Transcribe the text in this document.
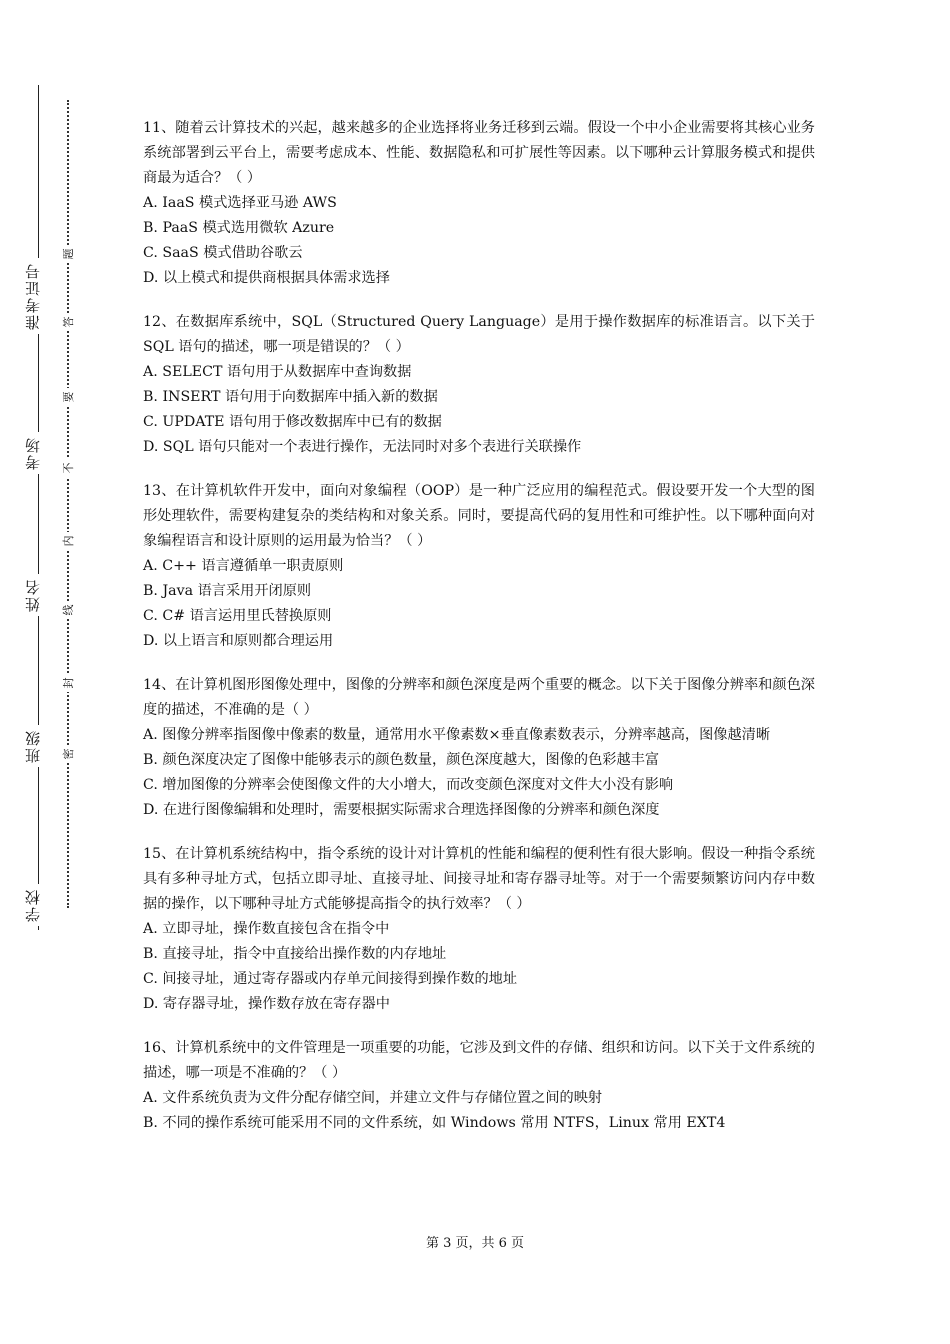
准考证号
考场
姓名
班级
学校
题
答
要
不
内
线
封
密

11、随着云计算技术的兴起，越来越多的企业选择将业务迁移到云端。假设一个中小企业需要将其核心业务系统部署到云平台上，需要考虑成本、性能、数据隐私和可扩展性等因素。以下哪种云计算服务模式和提供商最为适合？（ ）

A. IaaS 模式选择亚马逊 AWS

B. PaaS 模式选用微软 Azure

C. SaaS 模式借助谷歌云

D. 以上模式和提供商根据具体需求选择

12、在数据库系统中，SQL（Structured Query Language）是用于操作数据库的标准语言。以下关于 SQL 语句的描述，哪一项是错误的？（ ）

A. SELECT 语句用于从数据库中查询数据

B. INSERT 语句用于向数据库中插入新的数据

C. UPDATE 语句用于修改数据库中已有的数据

D. SQL 语句只能对一个表进行操作，无法同时对多个表进行关联操作

13、在计算机软件开发中，面向对象编程（OOP）是一种广泛应用的编程范式。假设要开发一个大型的图形处理软件，需要构建复杂的类结构和对象关系。同时，要提高代码的复用性和可维护性。以下哪种面向对象编程语言和设计原则的运用最为恰当？（ ）

A. C++ 语言遵循单一职责原则

B. Java 语言采用开闭原则

C. C# 语言运用里氏替换原则

D. 以上语言和原则都合理运用

14、在计算机图形图像处理中，图像的分辨率和颜色深度是两个重要的概念。以下关于图像分辨率和颜色深度的描述，不准确的是（ ）

A. 图像分辨率指图像中像素的数量，通常用水平像素数×垂直像素数表示，分辨率越高，图像越清晰

B. 颜色深度决定了图像中能够表示的颜色数量，颜色深度越大，图像的色彩越丰富

C. 增加图像的分辨率会使图像文件的大小增大，而改变颜色深度对文件大小没有影响

D. 在进行图像编辑和处理时，需要根据实际需求合理选择图像的分辨率和颜色深度

15、在计算机系统结构中，指令系统的设计对计算机的性能和编程的便利性有很大影响。假设一种指令系统具有多种寻址方式，包括立即寻址、直接寻址、间接寻址和寄存器寻址等。对于一个需要频繁访问内存中数据的操作，以下哪种寻址方式能够提高指令的执行效率？（ ）

A. 立即寻址，操作数直接包含在指令中

B. 直接寻址，指令中直接给出操作数的内存地址

C. 间接寻址，通过寄存器或内存单元间接得到操作数的地址

D. 寄存器寻址，操作数存放在寄存器中

16、计算机系统中的文件管理是一项重要的功能，它涉及到文件的存储、组织和访问。以下关于文件系统的描述，哪一项是不准确的？（ ）

A. 文件系统负责为文件分配存储空间，并建立文件与存储位置之间的映射

B. 不同的操作系统可能采用不同的文件系统，如 Windows 常用 NTFS，Linux 常用 EXT4

第 3 页，共 6 页
